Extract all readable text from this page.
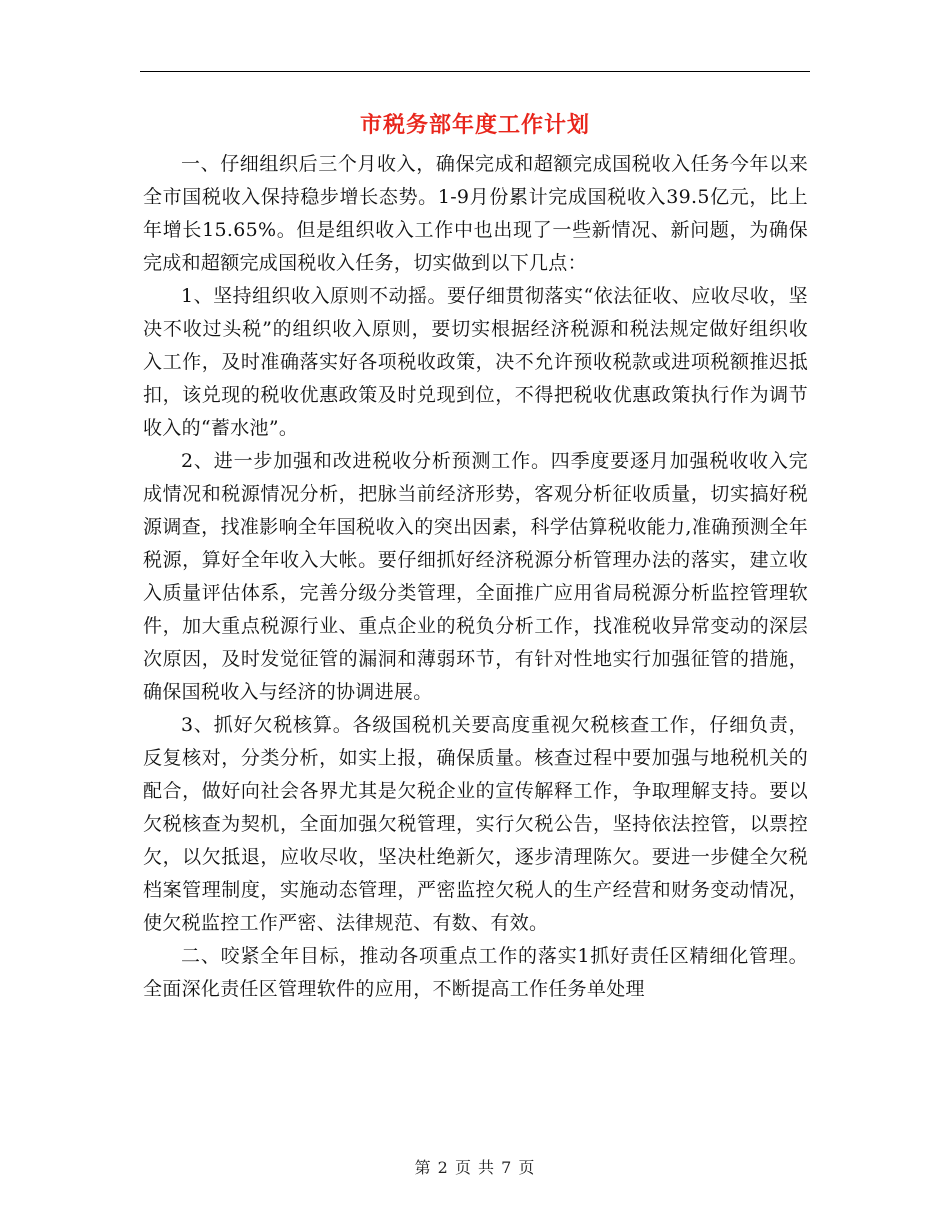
市税务部年度工作计划

一、仔细组织后三个月收入，确保完成和超额完成国税收入任务今年以来全市国税收入保持稳步增长态势。1-9月份累计完成国税收入39.5亿元，比上年增长15.65%。但是组织收入工作中也出现了一些新情况、新问题，为确保完成和超额完成国税收入任务，切实做到以下几点：

1、坚持组织收入原则不动摇。要仔细贯彻落实“依法征收、应收尽收，坚决不收过头税”的组织收入原则，要切实根据经济税源和税法规定做好组织收入工作，及时准确落实好各项税收政策，决不允许预收税款或进项税额推迟抵扣，该兑现的税收优惠政策及时兑现到位，不得把税收优惠政策执行作为调节收入的“蓄水池”。

2、进一步加强和改进税收分析预测工作。四季度要逐月加强税收收入完成情况和税源情况分析，把脉当前经济形势，客观分析征收质量，切实搞好税源调查，找准影响全年国税收入的突出因素，科学估算税收能力,准确预测全年税源，算好全年收入大帐。要仔细抓好经济税源分析管理办法的落实，建立收入质量评估体系，完善分级分类管理，全面推广应用省局税源分析监控管理软件，加大重点税源行业、重点企业的税负分析工作，找准税收异常变动的深层次原因，及时发觉征管的漏洞和薄弱环节，有针对性地实行加强征管的措施，确保国税收入与经济的协调进展。

3、抓好欠税核算。各级国税机关要高度重视欠税核查工作，仔细负责，反复核对，分类分析，如实上报，确保质量。核查过程中要加强与地税机关的配合，做好向社会各界尤其是欠税企业的宣传解释工作，争取理解支持。要以欠税核查为契机，全面加强欠税管理，实行欠税公告，坚持依法控管，以票控欠，以欠抵退，应收尽收，坚决杜绝新欠，逐步清理陈欠。要进一步健全欠税档案管理制度，实施动态管理，严密监控欠税人的生产经营和财务变动情况，使欠税监控工作严密、法律规范、有数、有效。

二、咬紧全年目标，推动各项重点工作的落实1抓好责任区精细化管理。全面深化责任区管理软件的应用，不断提高工作任务单处理

第 2 页 共 7 页
